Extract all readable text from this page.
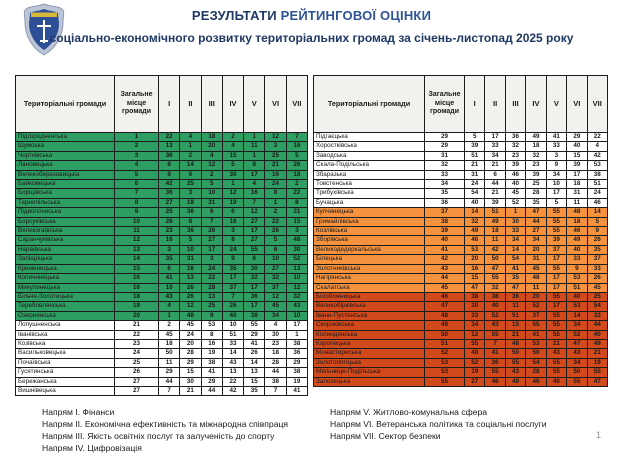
РЕЗУЛЬТАТИ РЕЙТИНГОВОЇ ОЦІНКИ
соціально-економічного розвитку територіальних громад за січень-листопад 2025 року
Територіальні громади	Загальне місце громади	I	II	III	IV	V	VI	VII
Підгородненська	1	22	4	18	2	1	12	7
Шумська	2	13	1	20	4	11	3	16
Чортківська	3	36	2	4	15	1	25	5
Лановецька	4	8	14	12	5	8	21	26
Великоберезовицька	5	9	9	2	30	17	16	18
Байковецька	6	42	25	5	1	4	24	2
Борщівська	7	36	3	10	12	16	8	22
Тернопільська	8	27	19	31	19	7	1	8
Підволочиська	9	25	36	6	6	12	2	31
Борсуківська	10	26	8	7	16	27	22	15
Великогаївська	11	23	36	26	3	17	26	3
Саранчуківська	12	16	5	27	8	27	5	48
Нараївська	13	3	10	17	24	55	6	30
Заліщицька	14	35	31	3	9	6	10	52
Кременецька	15	6	16	24	35	30	27	13
Копичинецька	16	41	13	22	17	32	32	10
Микулинецька	16	10	26	28	37	17	37	12
Більче-Золотецька	18	43	26	13	7	36	12	32
Теребовлянська	19	4	12	25	26	17	45	43
Озернянська	20	1	48	9	40	38	34	10
Лопушненська	21	2	45	53	10	55	4	17
Іванівська	22	45	24	8	51	29	30	1
Козівська	23	18	20	16	33	41	23	38
Васильковецька	24	50	28	19	14	26	18	36
Почаївська	25	11	29	38	43	14	28	29
Гусятинська	26	29	15	41	13	13	44	38
Бережанська	27	44	30	29	22	15	38	19
Вишнівецька	27	7	21	44	42	35	7	41
Територіальні громади	Загальне місце громади	I	II	III	IV	V	VI	VII
Підгаєцька	29	5	17	36	49	41	29	22
Хоростківська	29	39	33	32	18	33	40	4
Заводська	31	51	34	23	32	3	15	42
Скала-Подільська	32	21	21	39	23	9	39	53
Збаразька	33	31	6	46	39	34	17	38
Товстенська	34	24	44	40	25	10	18	51
Трибухівська	35	54	21	45	28	17	31	24
Бучацька	36	40	39	52	35	5	11	46
Купчинецька	37	14	51	1	47	55	48	14
Гримайлівська	38	32	49	30	44	55	18	5
Козлівська	39	49	18	33	27	55	46	9
Зборівська	40	46	11	34	34	39	49	26
Великодедеркальська	41	53	42	14	20	37	40	35
Білецька	42	20	50	54	31	17	33	37
Золотниківська	43	16	47	41	45	55	9	33
Нагірянська	44	15	55	35	48	17	53	26
Скалатська	45	47	32	47	11	17	51	45
Білобожницька	46	38	38	36	20	55	40	25
Великобірківська	47	30	40	11	52	17	53	54
Іване-Пустенська	48	33	52	51	37	55	14	33
Скориківська	49	34	43	15	55	55	34	44
Колиндянська	50	12	55	21	41	55	52	40
Коропецька	51	55	7	48	53	21	47	49
Монастириська	52	48	41	50	50	43	43	21
Золотопотіцька	53	52	36	55	54	55	34	19
Мельнице-Подільська	53	19	55	43	28	55	50	55
Залозецька	55	27	46	49	46	40	55	47
Напрям I. Фінанси
Напрям II. Економічна ефективність та міжнародна співпраця
Напрям III. Якість освітніх послуг та залученість до спорту
Напрям IV. Цифровізація
Напрям V. Житлово-комунальна сфера
Напрям VI. Ветеранська політика та соціальні послуги
Напрям VII. Сектор безпеки	1
